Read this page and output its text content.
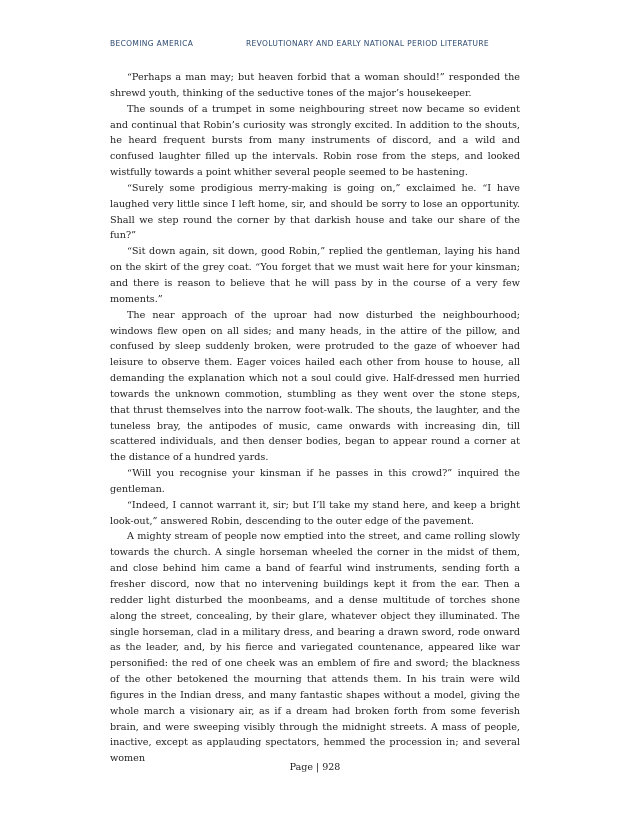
BECOMING AMERICA	REVOLUTIONARY AND EARLY NATIONAL PERIOD LITERATURE

“Perhaps a man may; but heaven forbid that a woman should!” responded the shrewd youth, thinking of the seductive tones of the major’s housekeeper.

The sounds of a trumpet in some neighbouring street now became so evident and continual that Robin’s curiosity was strongly excited. In addition to the shouts, he heard frequent bursts from many instruments of discord, and a wild and confused laughter filled up the intervals. Robin rose from the steps, and looked wistfully towards a point whither several people seemed to be hastening.

“Surely some prodigious merry-making is going on,” exclaimed he. “I have laughed very little since I left home, sir, and should be sorry to lose an opportunity. Shall we step round the corner by that darkish house and take our share of the fun?”

“Sit down again, sit down, good Robin,” replied the gentleman, laying his hand on the skirt of the grey coat. “You forget that we must wait here for your kinsman; and there is reason to believe that he will pass by in the course of a very few moments.”

The near approach of the uproar had now disturbed the neighbourhood; windows flew open on all sides; and many heads, in the attire of the pillow, and confused by sleep suddenly broken, were protruded to the gaze of whoever had leisure to observe them. Eager voices hailed each other from house to house, all demanding the explanation which not a soul could give. Half-dressed men hurried towards the unknown commotion, stumbling as they went over the stone steps, that thrust themselves into the narrow foot-walk. The shouts, the laughter, and the tuneless bray, the antipodes of music, came onwards with increasing din, till scattered individuals, and then denser bodies, began to appear round a corner at the distance of a hundred yards.

“Will you recognise your kinsman if he passes in this crowd?” inquired the gentleman.

“Indeed, I cannot warrant it, sir; but I’ll take my stand here, and keep a bright look-out,” answered Robin, descending to the outer edge of the pavement.

A mighty stream of people now emptied into the street, and came rolling slowly towards the church. A single horseman wheeled the corner in the midst of them, and close behind him came a band of fearful wind instruments, sending forth a fresher discord, now that no intervening buildings kept it from the ear. Then a redder light disturbed the moonbeams, and a dense multitude of torches shone along the street, concealing, by their glare, whatever object they illuminated. The single horseman, clad in a military dress, and bearing a drawn sword, rode onward as the leader, and, by his fierce and variegated countenance, appeared like war personified: the red of one cheek was an emblem of fire and sword; the blackness of the other betokened the mourning that attends them. In his train were wild figures in the Indian dress, and many fantastic shapes without a model, giving the whole march a visionary air, as if a dream had broken forth from some feverish brain, and were sweeping visibly through the midnight streets. A mass of people, inactive, except as applauding spectators, hemmed the procession in; and several women

Page | 928
